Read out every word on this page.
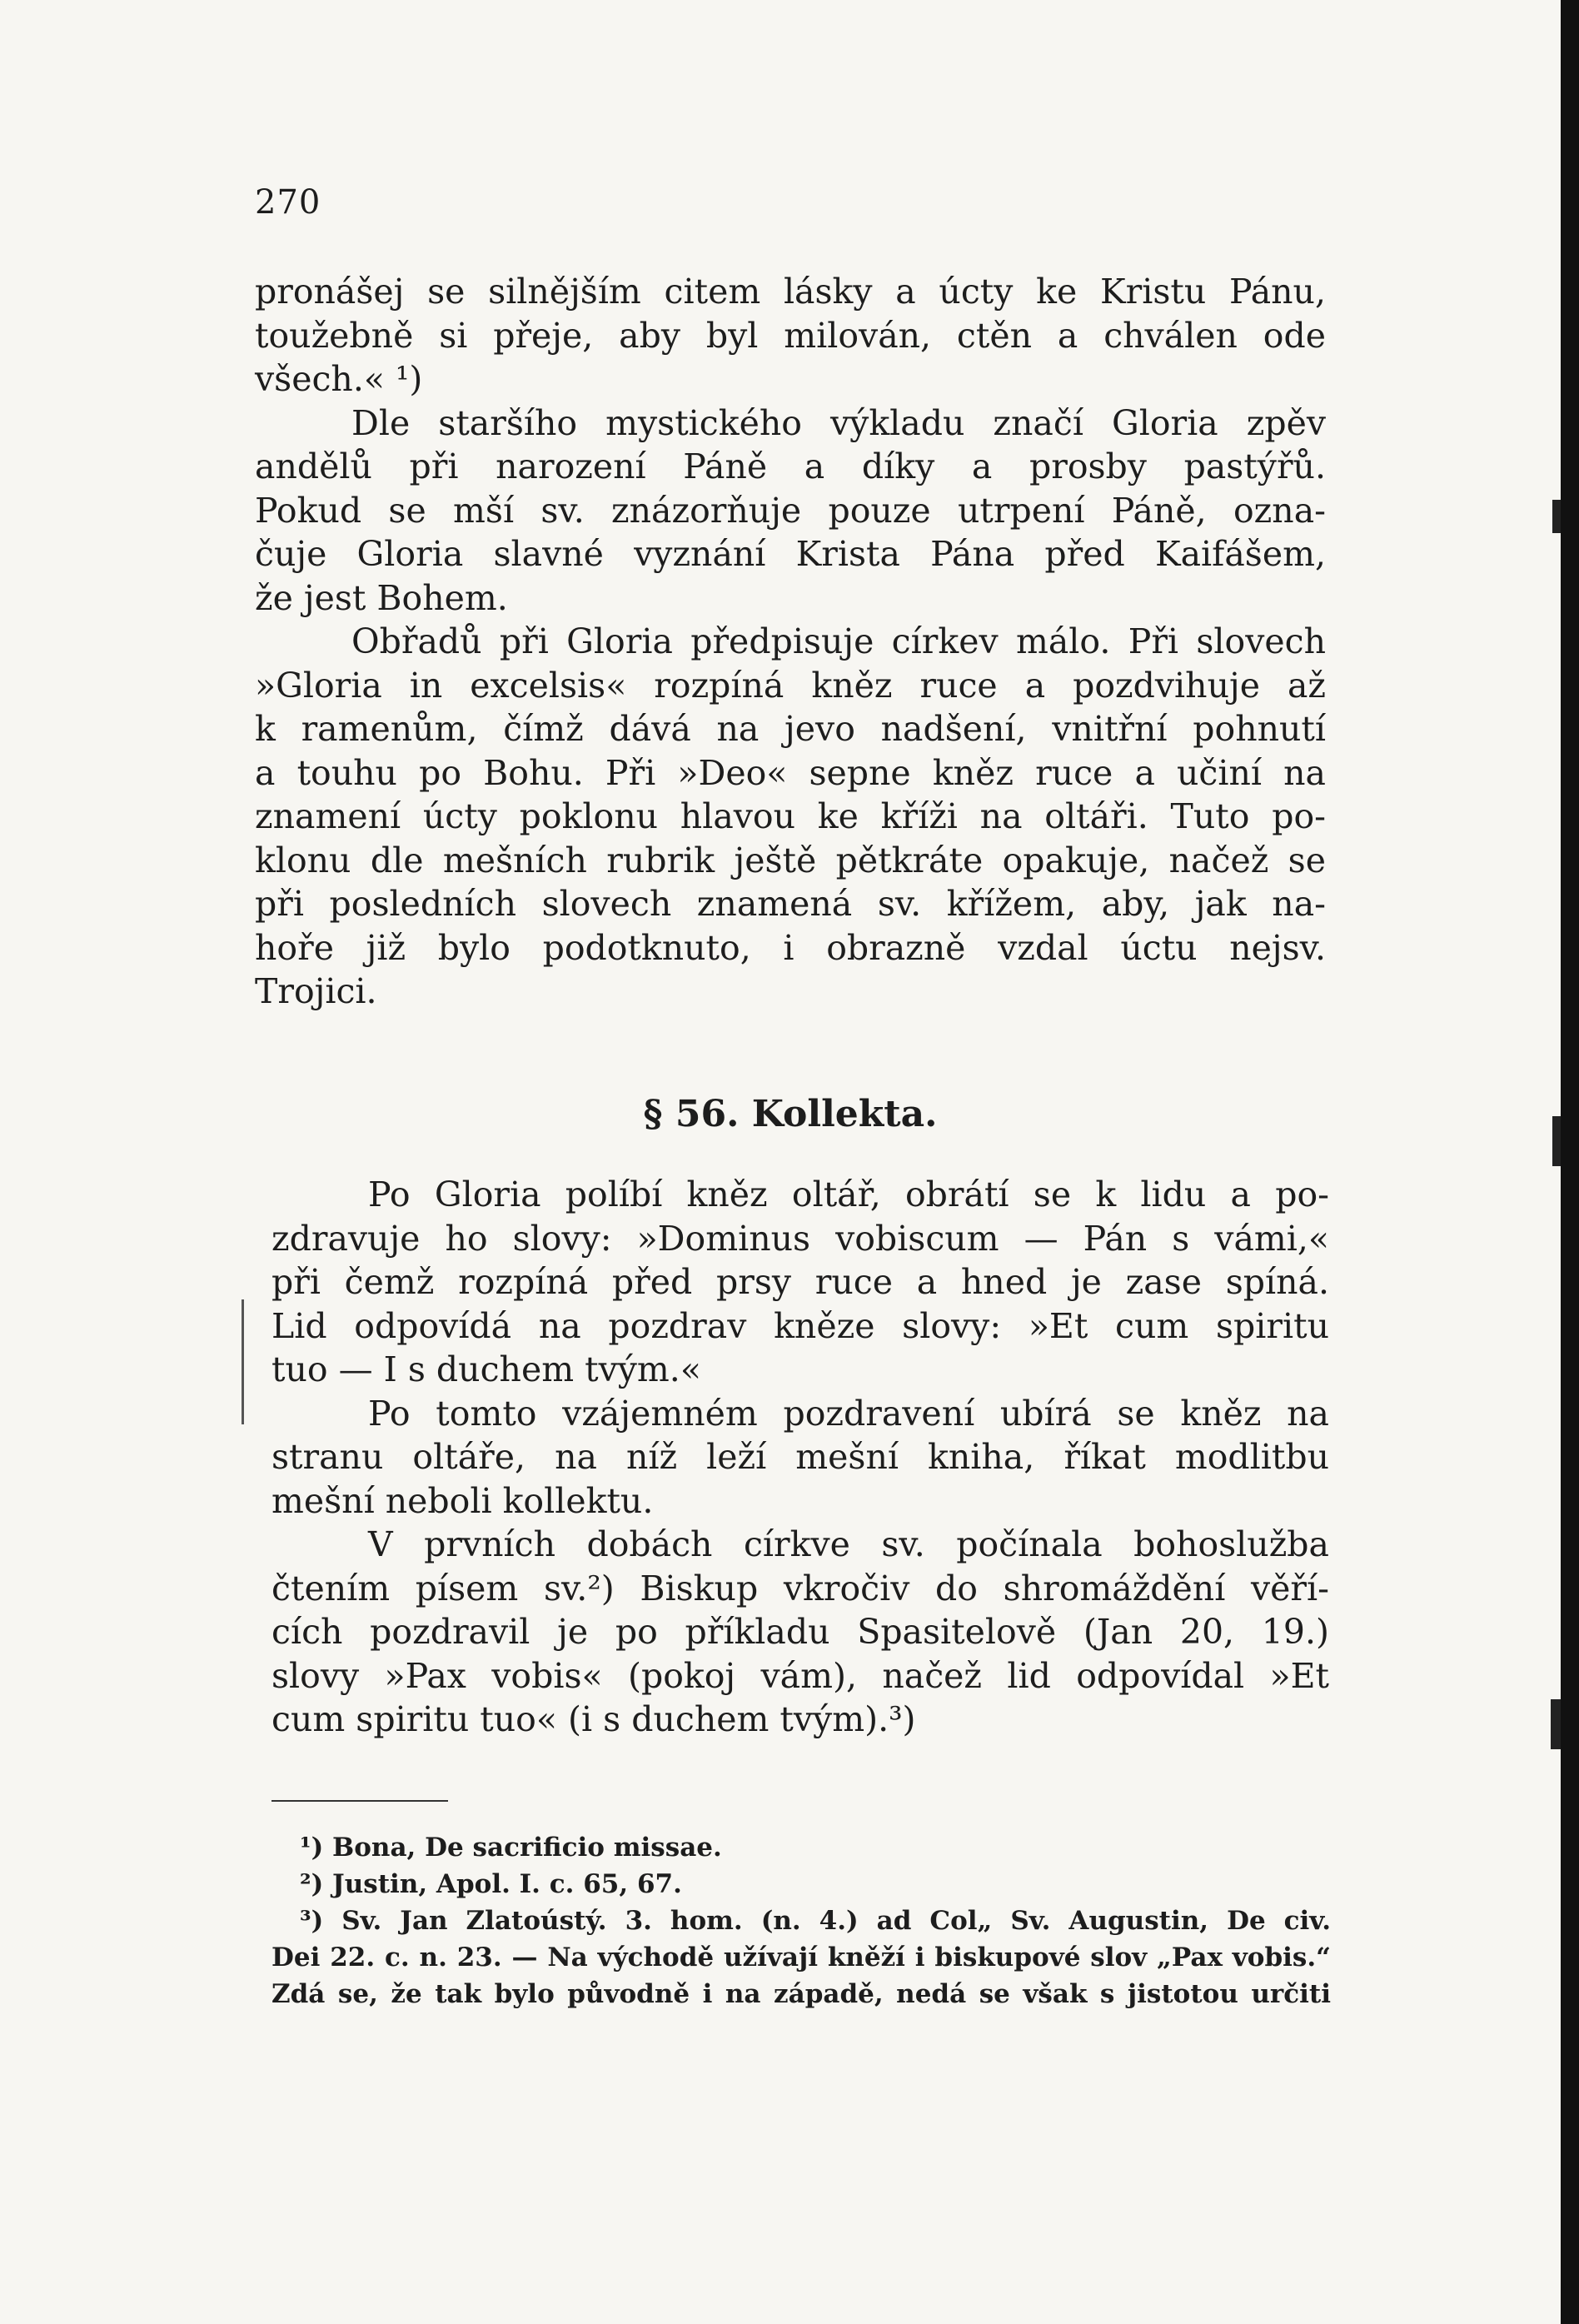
270
pronášej se silnějším citem lásky a úcty ke Kristu Pánu,
toužebně si přeje, aby byl milován, ctěn a chválen ode
všech.« ¹)
Dle staršího mystického výkladu značí Gloria zpěv
andělů při narození Páně a díky a prosby pastýřů.
Pokud se mší sv. znázorňuje pouze utrpení Páně, ozna-
čuje Gloria slavné vyznání Krista Pána před Kaifášem,
že jest Bohem.
Obřadů při Gloria předpisuje církev málo. Při slovech
»Gloria in excelsis« rozpíná kněz ruce a pozdvihuje až
k ramenům, čímž dává na jevo nadšení, vnitřní pohnutí
a touhu po Bohu. Při »Deo« sepne kněz ruce a učiní na
znamení úcty poklonu hlavou ke kříži na oltáři. Tuto po-
klonu dle mešních rubrik ještě pětkráte opakuje, načež se
při posledních slovech znamená sv. křížem, aby, jak na-
hoře již bylo podotknuto, i obrazně vzdal úctu nejsv.
Trojici.
§ 56. Kollekta.
Po Gloria políbí kněz oltář, obrátí se k lidu a po-
zdravuje ho slovy: »Dominus vobiscum — Pán s vámi,«
při čemž rozpíná před prsy ruce a hned je zase spíná.
Lid odpovídá na pozdrav kněze slovy: »Et cum spiritu
tuo — I s duchem tvým.«
Po tomto vzájemném pozdravení ubírá se kněz na
stranu oltáře, na níž leží mešní kniha, říkat modlitbu
mešní neboli kollektu.
V prvních dobách církve sv. počínala bohoslužba
čtením písem sv.²) Biskup vkročiv do shromáždění věří-
cích pozdravil je po příkladu Spasitelově (Jan 20, 19.)
slovy »Pax vobis« (pokoj vám), načež lid odpovídal »Et
cum spiritu tuo« (i s duchem tvým).³)
¹) Bona, De sacrificio missae.
²) Justin, Apol. I. c. 65, 67.
³) Sv. Jan Zlatoústý. 3. hom. (n. 4.) ad Col„ Sv. Augustin, De civ.
Dei 22. c. n. 23. — Na východě užívají kněží i biskupové slov „Pax vobis.“
Zdá se, že tak bylo původně i na západě, nedá se však s jistotou určiti
